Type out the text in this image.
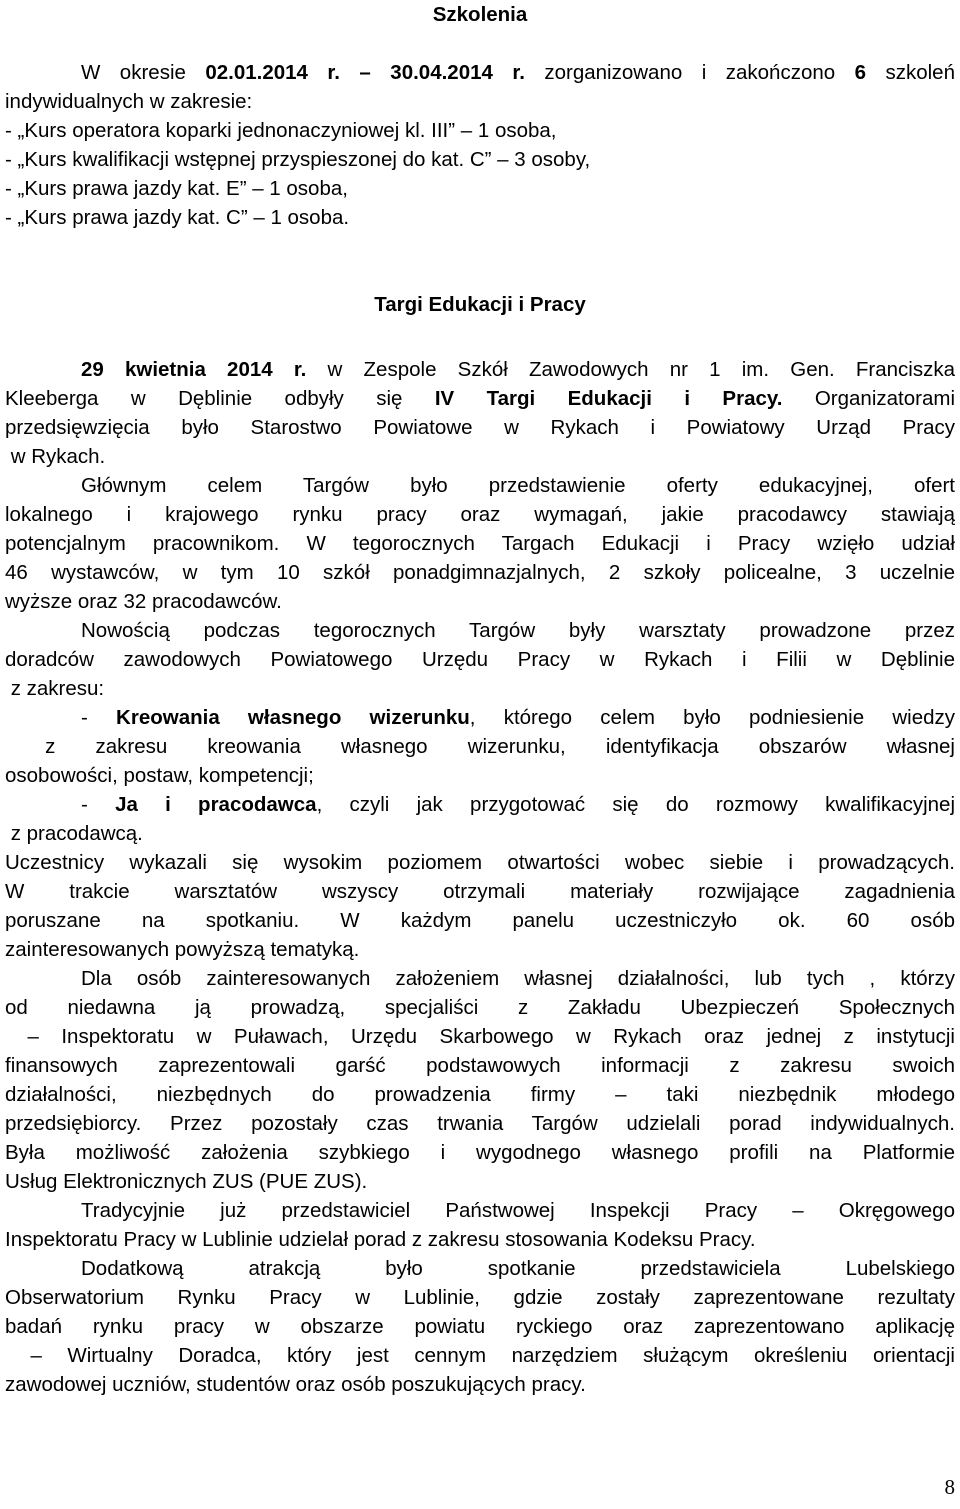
Szkolenia
W okresie 02.01.2014 r. – 30.04.2014 r. zorganizowano i zakończono 6 szkoleń
indywidualnych w zakresie:
- „Kurs operatora koparki jednonaczyniowej kl. III” – 1 osoba,
- „Kurs kwalifikacji wstępnej przyspieszonej do kat. C” – 3 osoby,
- „Kurs prawa jazdy kat. E” – 1 osoba,
- „Kurs prawa jazdy kat. C” – 1 osoba.
Targi Edukacji i Pracy
29 kwietnia 2014 r. w Zespole Szkół Zawodowych nr 1 im. Gen. Franciszka
Kleeberga w Dęblinie odbyły się IV Targi Edukacji i Pracy. Organizatorami
przedsięwzięcia było Starostwo Powiatowe w Rykach i Powiatowy Urząd Pracy
w Rykach.
Głównym celem Targów było przedstawienie oferty edukacyjnej, ofert
lokalnego i krajowego rynku pracy oraz wymagań, jakie pracodawcy stawiają
potencjalnym pracownikom. W tegorocznych Targach Edukacji i Pracy wzięło udział
46 wystawców, w tym 10 szkół ponadgimnazjalnych, 2 szkoły policealne, 3 uczelnie
wyższe oraz 32 pracodawców.
Nowością podczas tegorocznych Targów były warsztaty prowadzone przez
doradców zawodowych Powiatowego Urzędu Pracy w Rykach i Filii w Dęblinie
z zakresu:
- Kreowania własnego wizerunku, którego celem było podniesienie wiedzy
z zakresu kreowania własnego wizerunku, identyfikacja obszarów własnej
osobowości, postaw, kompetencji;
- Ja i pracodawca, czyli jak przygotować się do rozmowy kwalifikacyjnej
z pracodawcą.
Uczestnicy wykazali się wysokim poziomem otwartości wobec siebie i prowadzących.
W trakcie warsztatów wszyscy otrzymali materiały rozwijające zagadnienia
poruszane na spotkaniu. W każdym panelu uczestniczyło ok. 60 osób
zainteresowanych powyższą tematyką.
Dla osób zainteresowanych założeniem własnej działalności, lub tych , którzy
od niedawna ją prowadzą, specjaliści z Zakładu Ubezpieczeń Społecznych
– Inspektoratu w Puławach, Urzędu Skarbowego w Rykach oraz jednej z instytucji
finansowych zaprezentowali garść podstawowych informacji z zakresu swoich
działalności, niezbędnych do prowadzenia firmy – taki niezbędnik młodego
przedsiębiorcy. Przez pozostały czas trwania Targów udzielali porad indywidualnych.
Była możliwość założenia szybkiego i wygodnego własnego profili na Platformie
Usług Elektronicznych ZUS (PUE ZUS).
Tradycyjnie już przedstawiciel Państwowej Inspekcji Pracy – Okręgowego
Inspektoratu Pracy w Lublinie udzielał porad z zakresu stosowania Kodeksu Pracy.
Dodatkową atrakcją było spotkanie przedstawiciela Lubelskiego
Obserwatorium Rynku Pracy w Lublinie, gdzie zostały zaprezentowane rezultaty
badań rynku pracy w obszarze powiatu ryckiego oraz zaprezentowano aplikację
– Wirtualny Doradca, który jest cennym narzędziem służącym określeniu orientacji
zawodowej uczniów, studentów oraz osób poszukujących pracy.
8
